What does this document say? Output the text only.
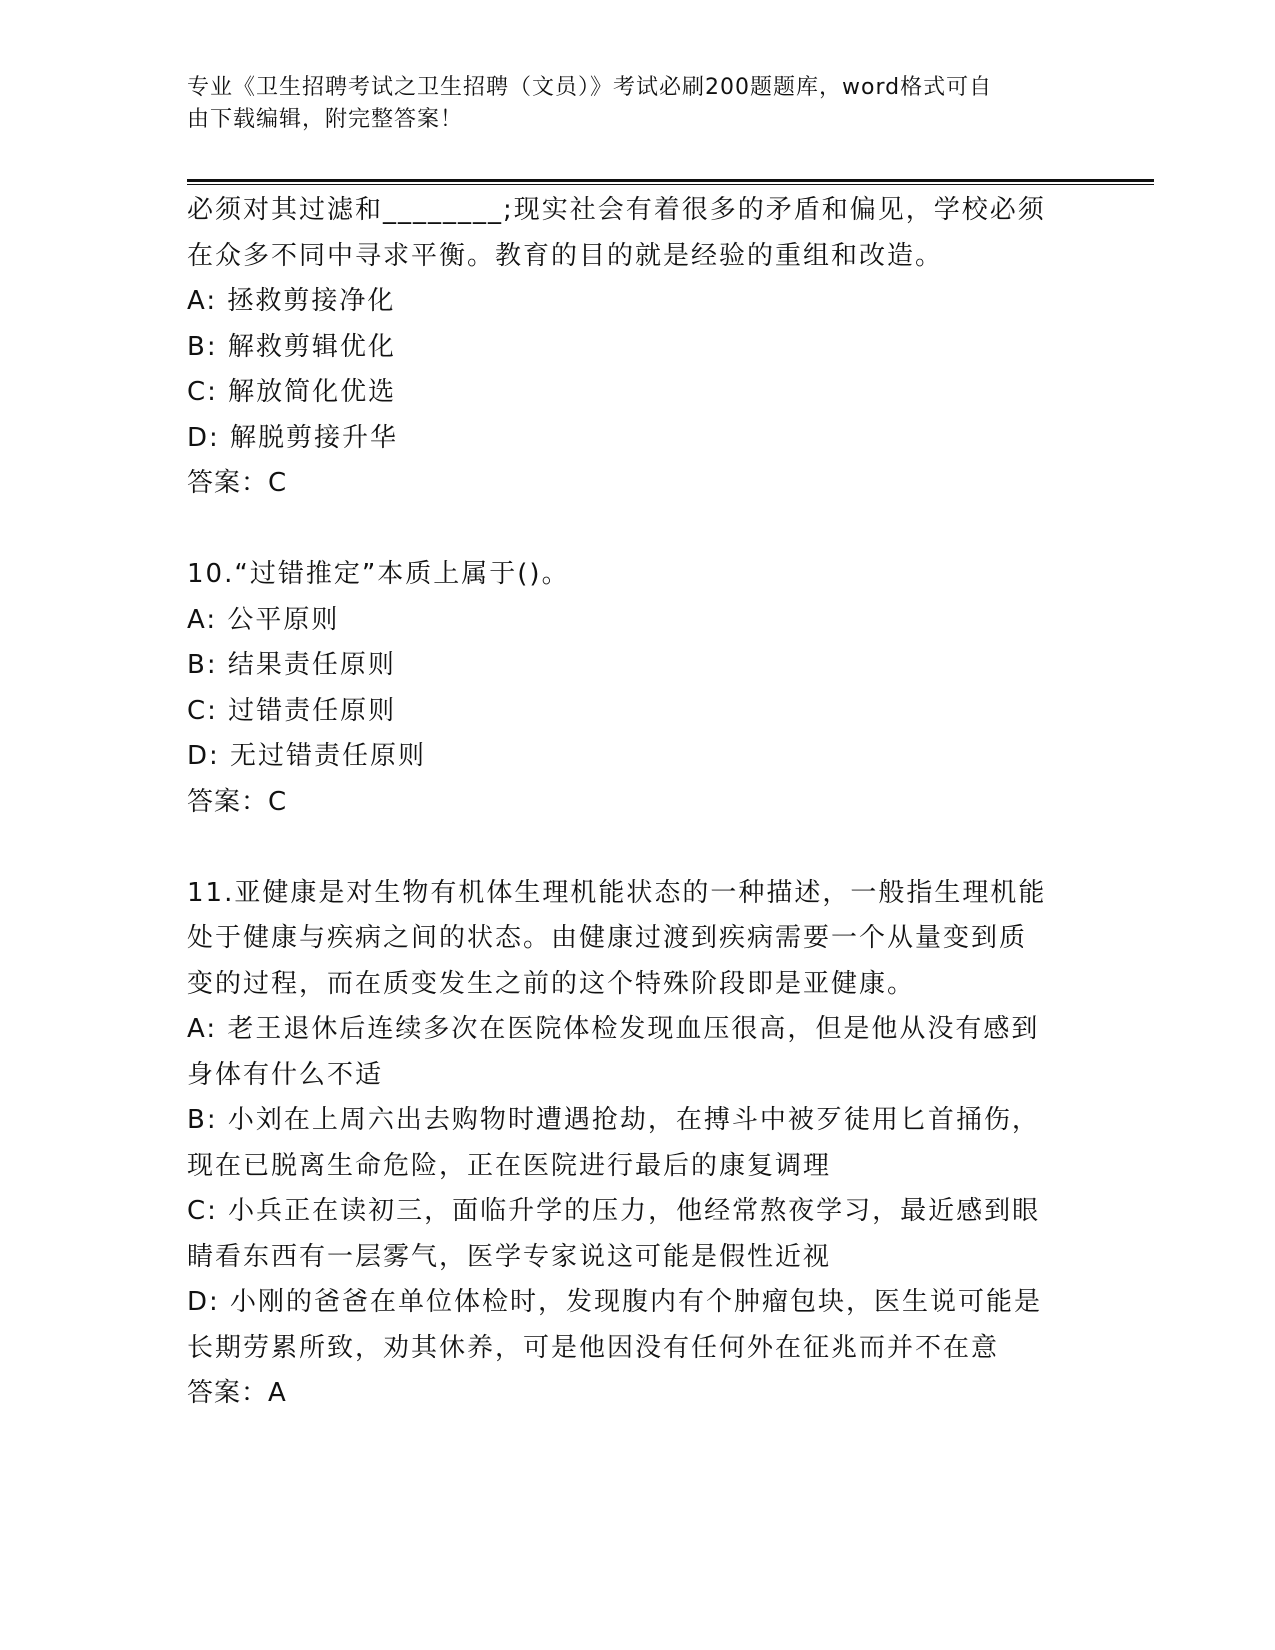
专业《卫生招聘考试之卫生招聘（文员）》考试必刷200题题库，word格式可自
由下载编辑，附完整答案！
必须对其过滤和________;现实社会有着很多的矛盾和偏见，学校必须
在众多不同中寻求平衡。教育的目的就是经验的重组和改造。
A: 拯救剪接净化
B: 解救剪辑优化
C: 解放简化优选
D: 解脱剪接升华
答案：C
10.“过错推定”本质上属于()。
A: 公平原则
B: 结果责任原则
C: 过错责任原则
D: 无过错责任原则
答案：C
11.亚健康是对生物有机体生理机能状态的一种描述，一般指生理机能
处于健康与疾病之间的状态。由健康过渡到疾病需要一个从量变到质
变的过程，而在质变发生之前的这个特殊阶段即是亚健康。
A: 老王退休后连续多次在医院体检发现血压很高，但是他从没有感到
身体有什么不适
B: 小刘在上周六出去购物时遭遇抢劫，在搏斗中被歹徒用匕首捅伤，
现在已脱离生命危险，正在医院进行最后的康复调理
C: 小兵正在读初三，面临升学的压力，他经常熬夜学习，最近感到眼
睛看东西有一层雾气，医学专家说这可能是假性近视
D: 小刚的爸爸在单位体检时，发现腹内有个肿瘤包块，医生说可能是
长期劳累所致，劝其休养，可是他因没有任何外在征兆而并不在意
答案：A
